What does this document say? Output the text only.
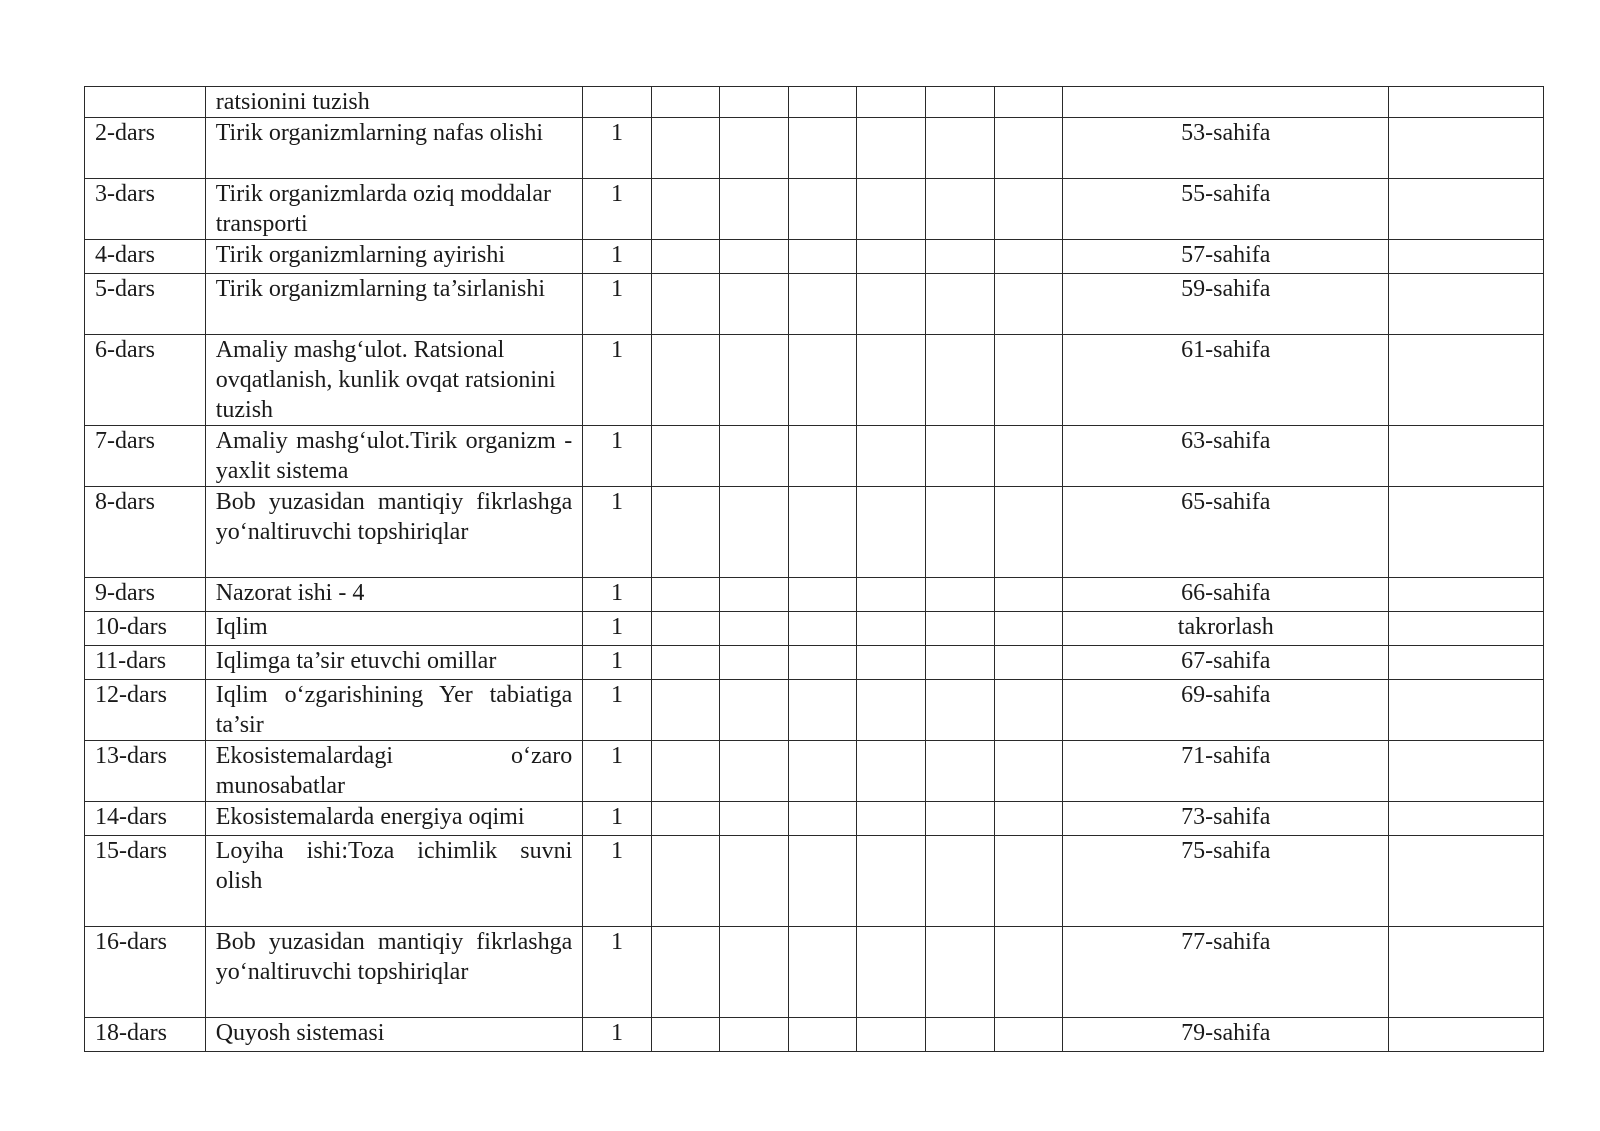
	ratsionini tuzish									
2-dars	Tirik organizmlarning nafas olishi	1							53-sahifa	
3-dars	Tirik organizmlarda oziq moddalar transporti	1							55-sahifa	
4-dars	Tirik organizmlarning ayirishi	1							57-sahifa	
5-dars	Tirik organizmlarning ta’sirlanishi	1							59-sahifa	
6-dars	Amaliy mashg‘ulot. Ratsional ovqatlanish, kunlik ovqat ratsionini tuzish	1							61-sahifa	
7-dars	Amaliy mashg‘ulot.Tirik organizm - yaxlit sistema	1							63-sahifa	
8-dars	Bob yuzasidan mantiqiy fikrlashga yo‘naltiruvchi topshiriqlar	1							65-sahifa	
9-dars	Nazorat ishi - 4	1							66-sahifa	
10-dars	Iqlim	1							takrorlash	
11-dars	Iqlimga ta’sir etuvchi omillar	1							67-sahifa	
12-dars	Iqlim o‘zgarishining Yer tabiatiga ta’sir	1							69-sahifa	
13-dars	Ekosistemalardagi o‘zaro munosabatlar	1							71-sahifa	
14-dars	Ekosistemalarda energiya oqimi	1							73-sahifa	
15-dars	Loyiha ishi:Toza ichimlik suvni olish	1							75-sahifa	
16-dars	Bob yuzasidan mantiqiy fikrlashga yo‘naltiruvchi topshiriqlar	1							77-sahifa	
18-dars	Quyosh sistemasi	1							79-sahifa	
